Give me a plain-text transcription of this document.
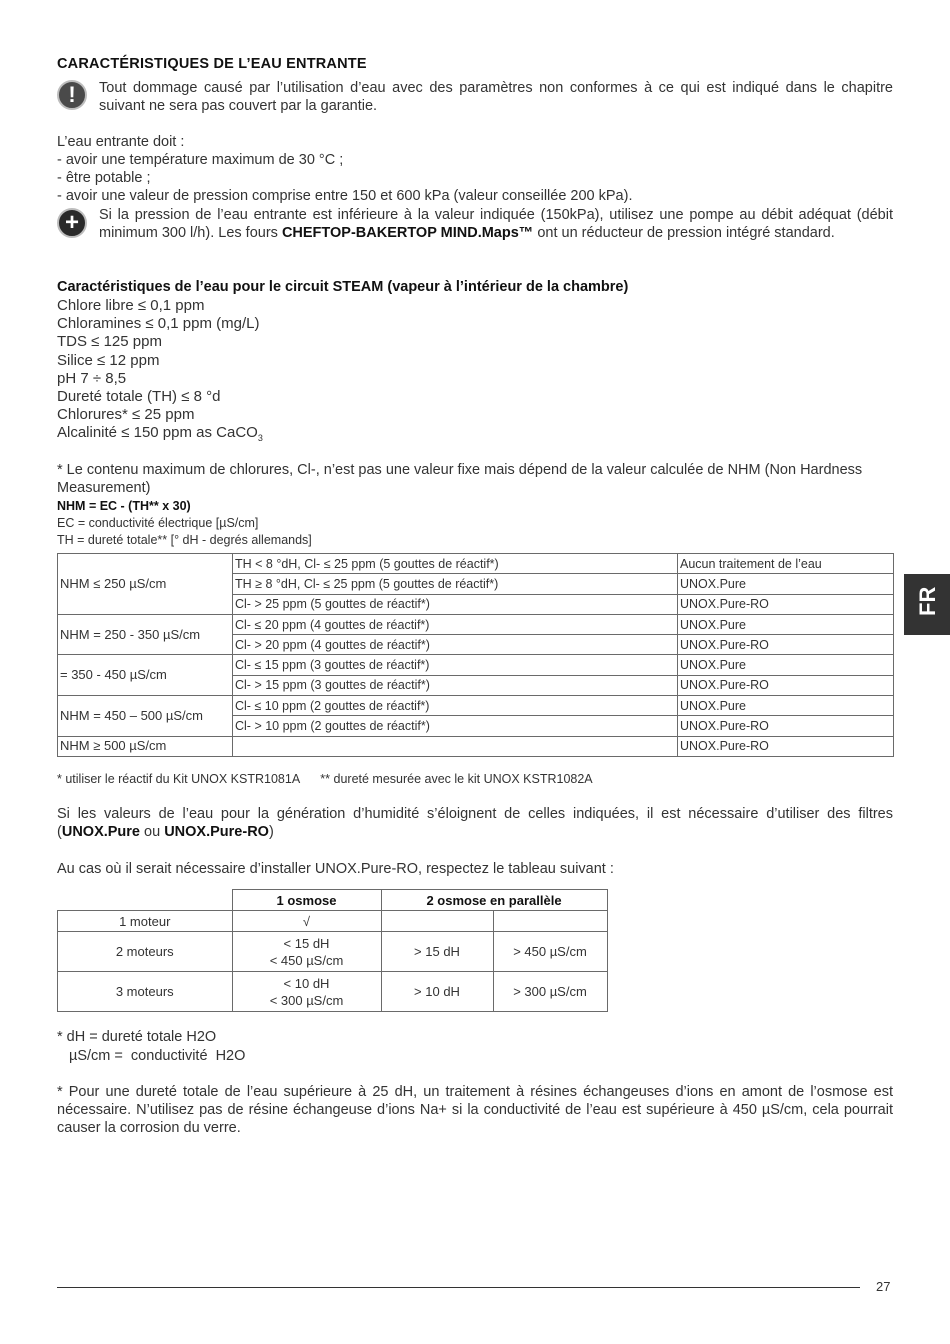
CARACTÉRISTIQUES DE L’EAU ENTRANTE
!	Tout dommage causé par l’utilisation d’eau avec des paramètres non conformes à ce qui est indiqué dans le chapitre suivant ne sera pas couvert par la garantie.
L’eau entrante doit :
- avoir une température maximum de 30 °C ;
- être potable ;
- avoir une valeur de pression comprise entre 150 et 600 kPa (valeur conseillée 200 kPa).
+	Si la pression de l’eau entrante est inférieure à la valeur indiquée (150kPa), utilisez une pompe au débit adéquat (débit minimum 300 l/h). Les fours CHEFTOP-BAKERTOP MIND.Maps™ ont un réducteur de pression intégré standard.
Caractéristiques de l’eau pour le circuit STEAM (vapeur à l’intérieur de la chambre)
Chlore libre ≤ 0,1 ppm
Chloramines ≤ 0,1 ppm (mg/L)
TDS ≤ 125 ppm
Silice ≤ 12 ppm
pH 7 ÷ 8,5
Dureté totale (TH) ≤ 8 °d
Chlorures* ≤ 25 ppm
Alcalinité ≤ 150 ppm as CaCO$_3$
* Le contenu maximum de chlorures, Cl-, n’est pas une valeur fixe mais dépend de la valeur calculée de NHM (Non Hardness Measurement)
NHM = EC - (TH** x 30)
EC = conductivité électrique [µS/cm]
TH = dureté totale** [° dH - degrés allemands]
NHM ≤ 250 µS/cm	TH < 8 °dH, Cl- ≤ 25 ppm (5 gouttes de réactif*)	Aucun traitement de l’eau
	TH ≥ 8 °dH, Cl- ≤ 25 ppm (5 gouttes de réactif*)	UNOX.Pure
	Cl- > 25 ppm (5 gouttes de réactif*)	UNOX.Pure-RO
NHM = 250 - 350 µS/cm	Cl- ≤ 20 ppm (4 gouttes de réactif*)	UNOX.Pure
	Cl- > 20 ppm (4 gouttes de réactif*)	UNOX.Pure-RO
= 350 - 450 µS/cm	Cl- ≤ 15 ppm (3 gouttes de réactif*)	UNOX.Pure
	Cl- > 15 ppm (3 gouttes de réactif*)	UNOX.Pure-RO
NHM = 450 – 500 µS/cm	Cl- ≤ 10 ppm (2 gouttes de réactif*)	UNOX.Pure
	Cl- > 10 ppm (2 gouttes de réactif*)	UNOX.Pure-RO
NHM ≥ 500 µS/cm		UNOX.Pure-RO
* utiliser le réactif du Kit UNOX KSTR1081A      ** dureté mesurée avec le kit UNOX KSTR1082A
Si les valeurs de l’eau pour la génération d’humidité s’éloignent de celles indiquées, il est nécessaire d’utiliser des filtres (UNOX.Pure ou UNOX.Pure-RO)
Au cas où il serait nécessaire d’installer UNOX.Pure-RO, respectez le tableau suivant :
	1 osmose	2 osmose en parallèle	
1 moteur	√		
2 moteurs	< 15 dH
< 450 µS/cm	> 15 dH	> 450 µS/cm
3 moteurs	< 10 dH
< 300 µS/cm	> 10 dH	> 300 µS/cm
* dH = dureté totale H2O
µS/cm =  conductivité  H2O
* Pour une dureté totale de l’eau supérieure à 25 dH, un traitement à résines échangeuses d’ions en amont de l’osmose est nécessaire. N’utilisez pas de résine échangeuse d’ions Na+ si la conductivité de l’eau est supérieure à 450 µS/cm, cela pourrait causer la corrosion du verre.
FR
27
